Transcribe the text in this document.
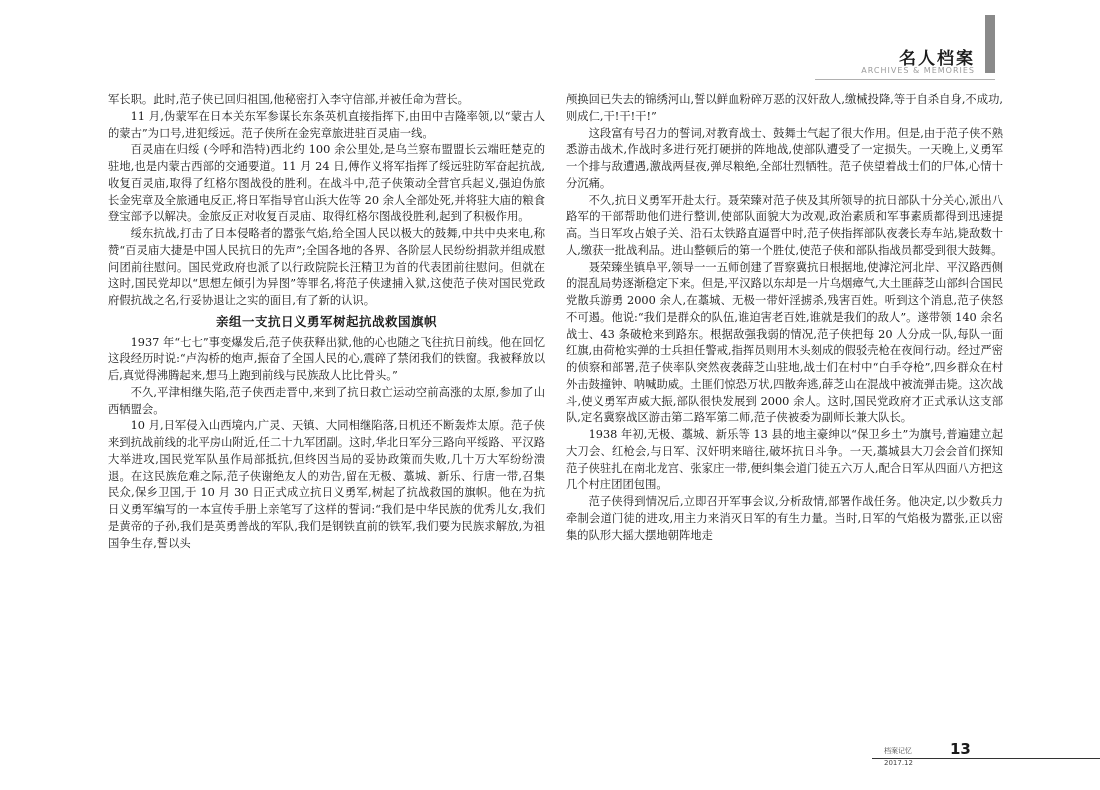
名人档案
ARCHIVES & MEMORIES

军长职。此时,范子侠已回归祖国,他秘密打入李守信部,并被任命为营长。

11 月,伪蒙军在日本关东军参谋长东条英机直接指挥下,由田中吉隆率领,以“蒙古人的蒙古”为口号,进犯绥远。范子侠所在金宪章旅进驻百灵庙一线。

百灵庙在归绥 (今呼和浩特)西北约 100 余公里处,是乌兰察布盟盟长云端旺楚克的驻地,也是内蒙古西部的交通要道。11 月 24 日,傅作义将军指挥了绥远驻防军奋起抗战,收复百灵庙,取得了红格尔图战役的胜利。在战斗中,范子侠策动全营官兵起义,强迫伪旅长金宪章及全旅通电反正,将日军指导官山浜大佐等 20 余人全部处死,并将驻大庙的粮食登宝部予以解决。金旅反正对收复百灵庙、取得红格尔图战役胜利,起到了积极作用。

绥东抗战,打击了日本侵略者的嚣张气焰,给全国人民以极大的鼓舞,中共中央来电,称赞“百灵庙大捷是中国人民抗日的先声”;全国各地的各界、各阶层人民纷纷捐款并组成慰问团前往慰问。国民党政府也派了以行政院院长汪精卫为首的代表团前往慰问。但就在这时,国民党却以“思想左倾引为异图”等罪名,将范子侠逮捕入狱,这使范子侠对国民党政府假抗战之名,行妥协退让之实的面目,有了新的认识。

亲组一支抗日义勇军树起抗战救国旗帜

1937 年“七七”事变爆发后,范子侠获释出狱,他的心也随之飞往抗日前线。他在回忆这段经历时说:“卢沟桥的炮声,振奋了全国人民的心,震碎了禁闭我们的铁窗。我被释放以后,真觉得沸腾起来,想马上跑到前线与民族敌人比比骨头。”

不久,平津相继失陷,范子侠西走晋中,来到了抗日救亡运动空前高涨的太原,参加了山西牺盟会。

10 月,日军侵入山西境内,广灵、天镇、大同相继陷落,日机还不断轰炸太原。范子侠来到抗战前线的北平房山附近,任二十九军团副。这时,华北日军分三路向平绥路、平汉路大举进攻,国民党军队虽作局部抵抗,但终因当局的妥协政策而失败,几十万大军纷纷溃退。在这民族危难之际,范子侠谢绝友人的劝告,留在无极、藁城、新乐、行唐一带,召集民众,保乡卫国,于 10 月 30 日正式成立抗日义勇军,树起了抗战救国的旗帜。他在为抗日义勇军编写的一本宣传手册上亲笔写了这样的誓词:“我们是中华民族的优秀儿女,我们是黄帝的子孙,我们是英勇善战的军队,我们是钢铁直前的铁军,我们要为民族求解放,为祖国争生存,誓以头

颅换回已失去的锦绣河山,誓以鲜血粉碎万恶的汉奸敌人,缴械投降,等于自杀自身,不成功,则成仁,干!干!干!”

这段富有号召力的誓词,对教育战士、鼓舞士气起了很大作用。但是,由于范子侠不熟悉游击战术,作战时多进行死打硬拼的阵地战,使部队遭受了一定损失。一天晚上,义勇军一个排与敌遭遇,激战两昼夜,弹尽粮绝,全部壮烈牺牲。范子侠望着战士们的尸体,心情十分沉痛。

不久,抗日义勇军开赴太行。聂荣臻对范子侠及其所领导的抗日部队十分关心,派出八路军的干部帮助他们进行整训,使部队面貌大为改观,政治素质和军事素质都得到迅速提高。当日军攻占娘子关、沿石太铁路直逼晋中时,范子侠指挥部队夜袭长寿车站,毙敌数十人,缴获一批战利品。进山整顿后的第一个胜仗,使范子侠和部队指战员都受到很大鼓舞。

聂荣臻坐镇阜平,领导一一五师创建了晋察冀抗日根据地,使滹沱河北岸、平汉路西侧的混乱局势逐渐稳定下来。但是,平汉路以东却是一片乌烟瘴气,大土匪薛芝山部纠合国民党散兵游勇 2000 余人,在藁城、无极一带奸淫掳杀,残害百姓。听到这个消息,范子侠怒不可遏。他说:“我们是群众的队伍,谁迫害老百姓,谁就是我们的敌人”。遂带领 140 余名战士、43 条破枪来到路东。根据敌强我弱的情况,范子侠把每 20 人分成一队,每队一面红旗,由荷枪实弹的士兵担任警戒,指挥员则用木头刻成的假驳壳枪在夜间行动。经过严密的侦察和部署,范子侠率队突然夜袭薛芝山驻地,战士们在村中“白手夺枪”,四乡群众在村外击鼓撞钟、呐喊助威。土匪们惊恐万状,四散奔逃,薛芝山在混战中被流弹击毙。这次战斗,使义勇军声威大振,部队很快发展到 2000 余人。这时,国民党政府才正式承认这支部队,定名冀察战区游击第二路军第二师,范子侠被委为副师长兼大队长。

1938 年初,无极、藁城、新乐等 13 县的地主豪绅以“保卫乡土”为旗号,普遍建立起大刀会、红枪会,与日军、汉奸明来暗往,破坏抗日斗争。一天,藁城县大刀会会首们探知范子侠驻扎在南北龙宫、张家庄一带,便纠集会道门徒五六万人,配合日军从四面八方把这几个村庄团团包围。

范子侠得到情况后,立即召开军事会议,分析敌情,部署作战任务。他决定,以少数兵力牵制会道门徒的进攻,用主力来消灭日军的有生力量。当时,日军的气焰极为嚣张,正以密集的队形大摇大摆地朝阵地走

档案记忆	13
2017.12
